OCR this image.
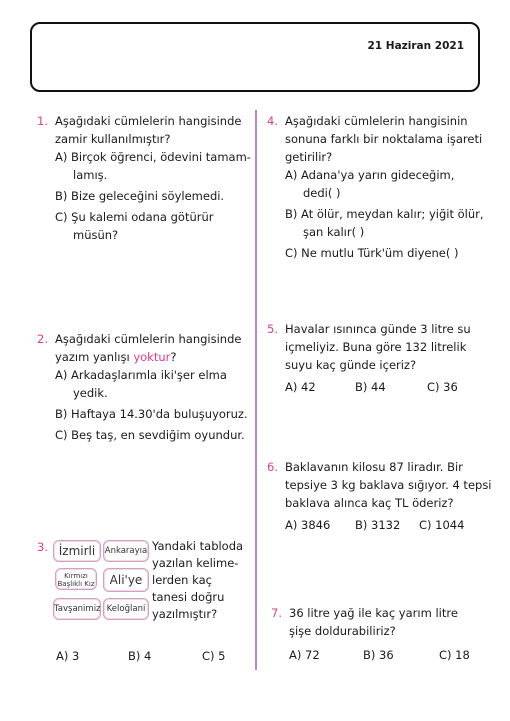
21 Haziran 2021
1. Aşağıdaki cümlelerin hangisinde

zamir kullanılmıştır?

A) Birçok öğrenci, ödevini tamam-

lamış.

B) Bize geleceğini söylemedi.

C) Şu kalemi odana götürür

müsün?

2. Aşağıdaki cümlelerin hangisinde

yazım yanlışı yoktur?

A) Arkadaşlarımla iki'şer elma

yedik.

B) Haftaya 14.30'da buluşuyoruz.

C) Beş taş, en sevdiğim oyundur.

3. İzmirli	Ankarayıa
Kırmızı Başlıklı Kız	Ali'ye
Tavşanimiz Keloğlani
Yandaki tabloda
yazılan kelime-
lerden kaç
tanesi doğru
yazılmıştır?
A) 3	B) 4	C) 5
4. Aşağıdaki cümlelerin hangisinin

sonuna farklı bir noktalama işareti

getirilir?

A) Adana'ya yarın gideceğim,

dedi( )

B) At ölür, meydan kalır; yiğit ölür,

şan kalır( )

C) Ne mutlu Türk'üm diyene( )

5. Havalar ısınınca günde 3 litre su

içmeliyiz. Buna göre 132 litrelik

suyu kaç günde içeriz?

A) 42	B) 44	C) 36
6. Baklavanın kilosu 87 liradır. Bir

tepsiye 3 kg baklava sığıyor. 4 tepsi

baklava alınca kaç TL öderiz?

A) 3846 B) 3132 C) 1044
7. 36 litre yağ ile kaç yarım litre

şişe doldurabiliriz?

A) 72	B) 36	C) 18
